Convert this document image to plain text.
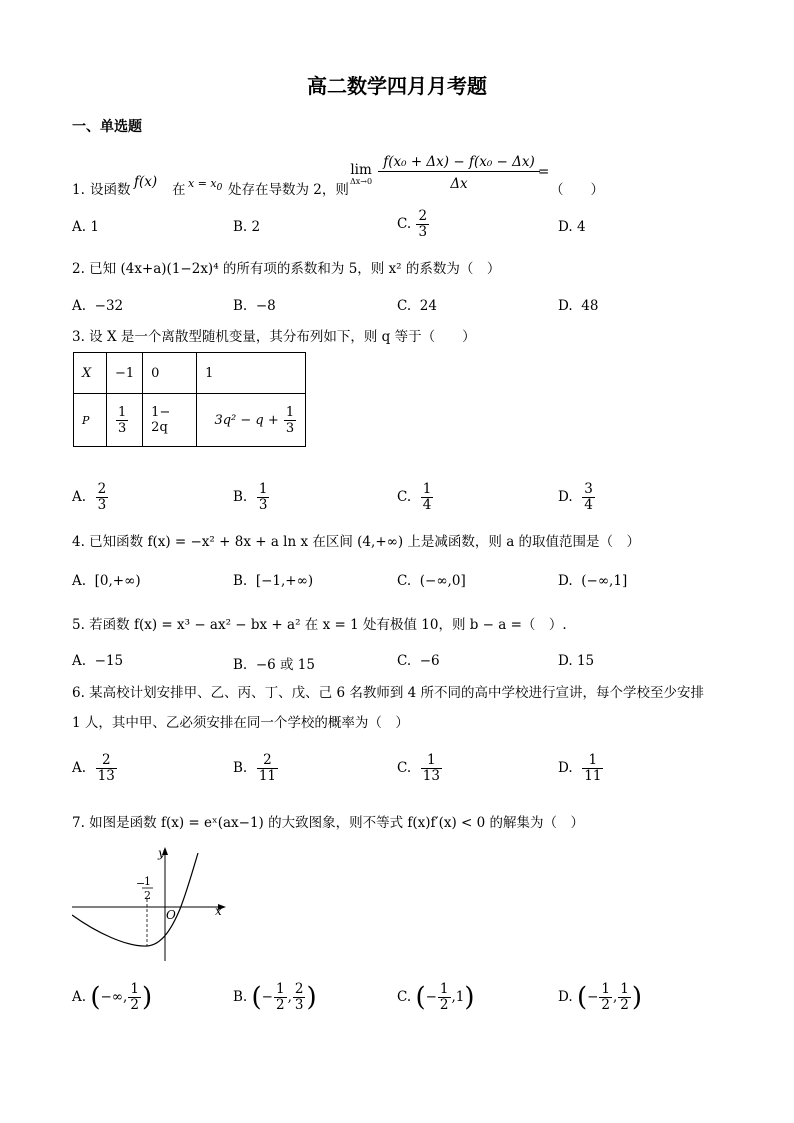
高二数学四月月考题
一、单选题
1. 设函数 f(x) 在 $x = x_0$ 处存在导数为 2，则
lim
Δx→0
f(x₀ + Δx) − f(x₀ − Δx)
Δx
=
（　　）
A. 1	B. 2	C. $\frac{2}{3}$	D. 4
2. 已知 (4x+a)(1−2x)⁴ 的所有项的系数和为 5，则 x² 的系数为（　）
A. −32	B. −8	C. 24	D. 48
3. 设 X 是一个离散型随机变量，其分布列如下，则 q 等于（　　）
X	−1	0	1
P	$\frac{1}{3}$	1− 2q	$3q^2 - q + \frac{1}{3}$
A. $\frac{2}{3}$	B. $\frac{1}{3}$	C. $\frac{1}{4}$	D. $\frac{3}{4}$
4. 已知函数 f(x) = −x² + 8x + a ln x 在区间 (4,+∞) 上是减函数，则 a 的取值范围是（　）
A. [0,+∞)	B. [−1,+∞)	C. (−∞,0]	D. (−∞,1]
5. 若函数 f(x) = x³ − ax² − bx + a² 在 x = 1 处有极值 10，则 b − a =（　）.
A. −15	B. −6 或 15	C. −6	D. 15
6. 某高校计划安排甲、乙、丙、丁、戊、己 6 名教师到 4 所不同的高中学校进行宣讲，每个学校至少安排
1 人，其中甲、乙必须安排在同一个学校的概率为（　）
A. $\frac{2}{13}$	B. $\frac{2}{11}$	C. $\frac{1}{13}$	D. $\frac{1}{11}$
7. 如图是函数 f(x) = eˣ(ax−1) 的大致图象，则不等式 f(x)f′(x) < 0 的解集为（　）
y
x
O
−
1
2
A. (−∞, $\frac{1}{2}$ )	B. (− $\frac{1}{2}$ , $\frac{2}{3}$ )	C. (− $\frac{1}{2} ,1$)	D. (− $\frac{1}{2}$ , $\frac{1}{2}$ )
